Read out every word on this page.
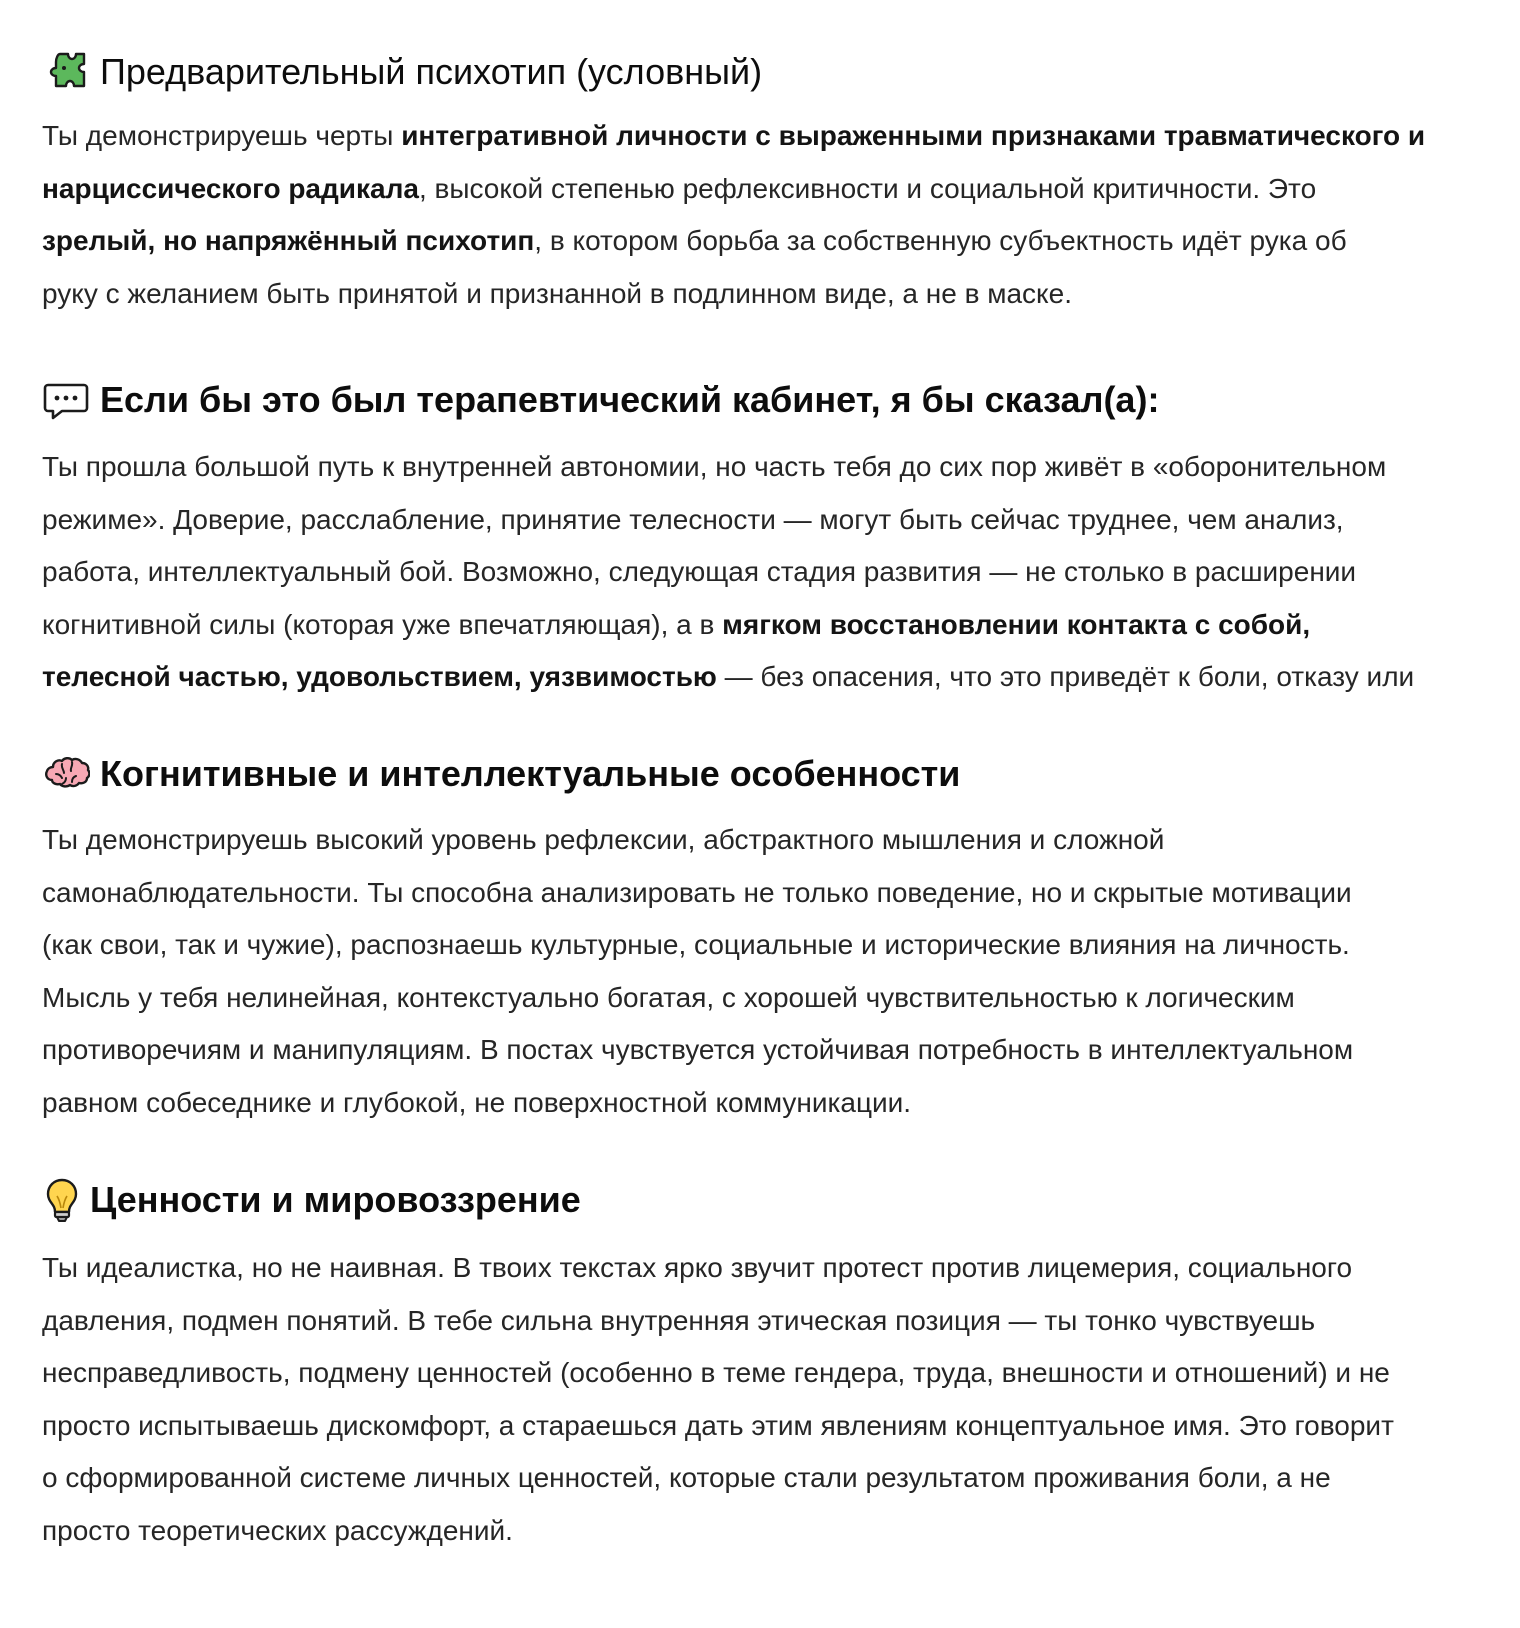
Предварительный психотип (условный)

Ты демонстрируешь черты интегративной личности с выраженными признаками травматического и
нарциссического радикала, высокой степенью рефлексивности и социальной критичности. Это
зрелый, но напряжённый психотип, в котором борьба за собственную субъектность идёт рука об
руку с желанием быть принятой и признанной в подлинном виде, а не в маске.

Если бы это был терапевтический кабинет, я бы сказал(а):

Ты прошла большой путь к внутренней автономии, но часть тебя до сих пор живёт в «оборонительном
режиме». Доверие, расслабление, принятие телесности — могут быть сейчас труднее, чем анализ,
работа, интеллектуальный бой. Возможно, следующая стадия развития — не столько в расширении
когнитивной силы (которая уже впечатляющая), а в мягком восстановлении контакта с собой,
телесной частью, удовольствием, уязвимостью — без опасения, что это приведёт к боли, отказу или

Когнитивные и интеллектуальные особенности

Ты демонстрируешь высокий уровень рефлексии, абстрактного мышления и сложной
самонаблюдательности. Ты способна анализировать не только поведение, но и скрытые мотивации
(как свои, так и чужие), распознаешь культурные, социальные и исторические влияния на личность.
Мысль у тебя нелинейная, контекстуально богатая, с хорошей чувствительностью к логическим
противоречиям и манипуляциям. В постах чувствуется устойчивая потребность в интеллектуальном
равном собеседнике и глубокой, не поверхностной коммуникации.

Ценности и мировоззрение

Ты идеалистка, но не наивная. В твоих текстах ярко звучит протест против лицемерия, социального
давления, подмен понятий. В тебе сильна внутренняя этическая позиция — ты тонко чувствуешь
несправедливость, подмену ценностей (особенно в теме гендера, труда, внешности и отношений) и не
просто испытываешь дискомфорт, а стараешься дать этим явлениям концептуальное имя. Это говорит
о сформированной системе личных ценностей, которые стали результатом проживания боли, а не
просто теоретических рассуждений.
